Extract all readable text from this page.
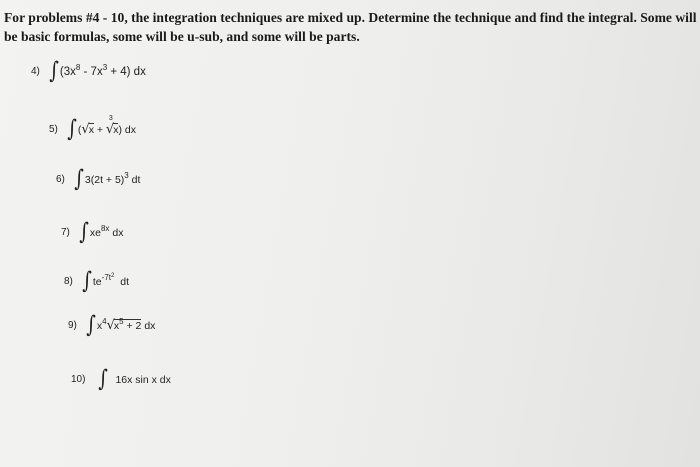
For problems #4 - 10, the integration techniques are mixed up. Determine the technique and find the integral. Some will
be basic formulas, some will be u-sub, and some will be parts.
4) ∫ $(3x^8 - 7x^3 + 4)$ dx
5) ∫ (√x +
3
√x) dx
6) ∫ $3(2t + 5)^3$ dt
7) ∫ $xe^{8x}$ dx
8) ∫ $te^{-7t^2}$ dt
9) ∫ $x^4√x^5 + 2$ dx
10) ∫ 16x sin x dx
